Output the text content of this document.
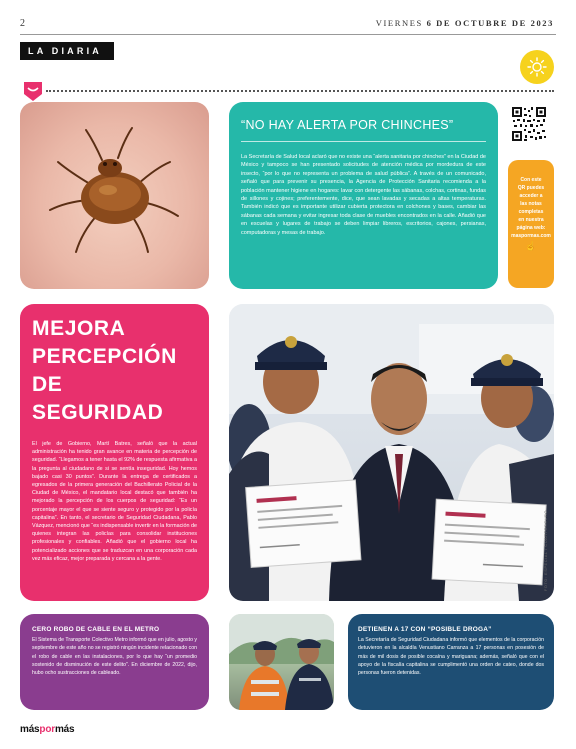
2	VIERNES 6 DE OCTUBRE DE 2023
LA DIARIA
“NO HAY ALERTA POR CHINCHES”

La Secretaría de Salud local aclaró que no existe una “alerta sanitaria por chinches” en la Ciudad de México y tampoco se han presentado solicitudes de atención médica por mordedura de este insecto, “por lo que no representa un problema de salud pública”. A través de un comunicado, señaló que para prevenir su presencia, la Agencia de Protección Sanitaria recomienda a la población mantener higiene en hogares: lavar con detergente las sábanas, colchas, cortinas, fundas de sillones y cojines; preferentemente, dice, que sean lavadas y secadas a altas temperaturas. También indicó que es importante utilizar cubierta protectora en colchones y bases, cambiar las sábanas cada semana y evitar ingresar toda clase de muebles encontrados en la calle. Añadió que en escuelas y lugares de trabajo se deben limpiar libreros, escritorios, cajones, persianas, computadoras y mesas de trabajo.

Con este
QR puedes
acceder a
las notas
completas
en nuestra
página web:
maspormas.com
☝
MEJORA
PERCEPCIÓN
DE SEGURIDAD

El jefe de Gobierno, Martí Batres, señaló que la actual administración ha tenido gran avance en materia de percepción de seguridad. “Llegamos a tener hasta el 92% de respuesta afirmativa a la pregunta al ciudadano de si se sentía inseguridad. Hoy hemos bajado casi 30 puntos”. Durante la entrega de certificados a egresados de la primera generación del Bachillerato Policial de la Ciudad de México, el mandatario local destacó que también ha mejorado la percepción de los cuerpos de seguridad: “Es un porcentaje mayor el que se siente seguro y protegido por la policía capitalina”. En tanto, el secretario de Seguridad Ciudadana, Pablo Vázquez, mencionó que “es indispensable invertir en la formación de quienes integran las policías para consolidar instituciones profesionales y confiables. Añadió que el gobierno local ha potencializado acciones que se traduzcan en una corporación cada vez más eficaz, mejor preparada y cercana a la gente.	FOTO: ESPECIAL / CUARTOSCURO
CERO ROBO DE CABLE EN EL METRO

El Sistema de Transporte Colectivo Metro informó que en julio, agosto y septiembre de este año no se registró ningún incidente relacionado con el robo de cable en las instalaciones, por lo que hay “un promedio sostenido de disminución de este delito”. En diciembre de 2022, dijo, hubo ocho sustracciones de cableado.

DETIENEN A 17 CON “POSIBLE DROGA”

La Secretaría de Seguridad Ciudadana informó que elementos de la corporación detuvieron en la alcaldía Venustiano Carranza a 17 personas en posesión de más de mil dosis de posible cocaína y mariguana; además, señaló que con el apoyo de la fiscalía capitalina se cumplimentó una orden de cateo, donde dos personas fueron detenidas.

máspormás
